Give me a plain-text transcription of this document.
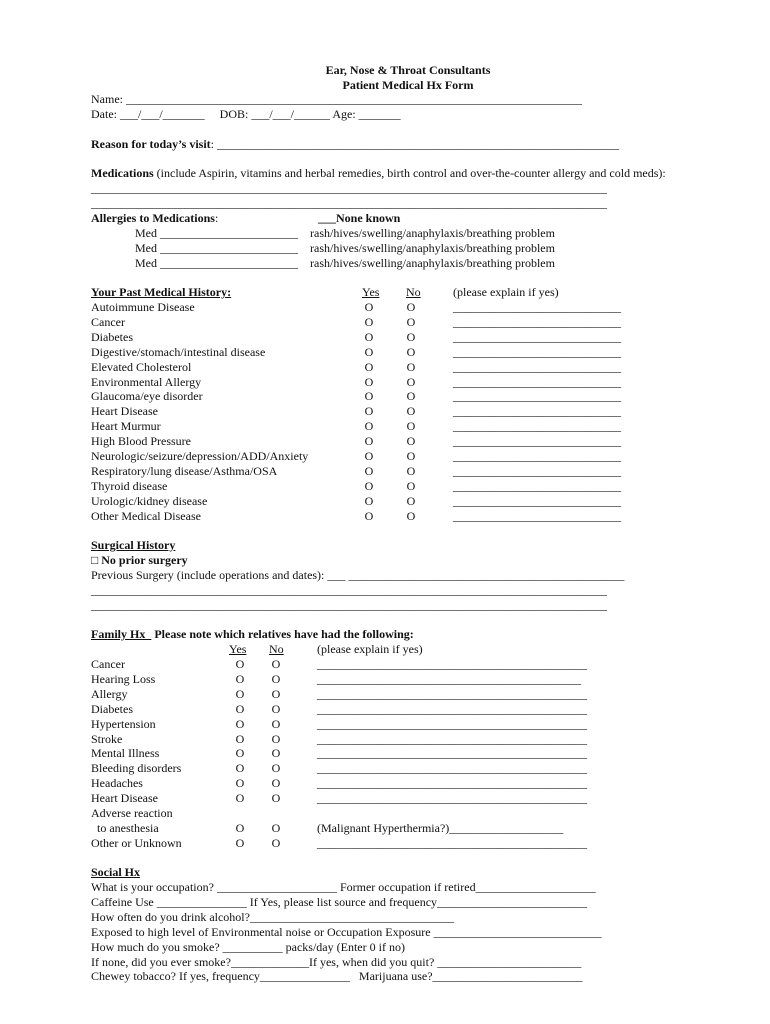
Ear, Nose & Throat Consultants
Patient Medical Hx Form
Name: ____________________________________________________________________________
Date: ___/___/_______     DOB: ___/___/______ Age: _______
Reason for today’s visit: ___________________________________________________________________
Medications (include Aspirin, vitamins and herbal remedies, birth control and over-the-counter allergy and cold meds):
______________________________________________________________________________________
______________________________________________________________________________________
Allergies to Medications:	___None known
Med _______________________ rash/hives/swelling/anaphylaxis/breathing problem
Med _______________________ rash/hives/swelling/anaphylaxis/breathing problem
Med _______________________ rash/hives/swelling/anaphylaxis/breathing problem
Your Past Medical History:	Yes No	(please explain if yes)
Autoimmune Disease	O	O	____________________________
Cancer	O	O	____________________________
Diabetes	O	O	____________________________
Digestive/stomach/intestinal disease	O	O	____________________________
Elevated Cholesterol	O	O	____________________________
Environmental Allergy	O	O	____________________________
Glaucoma/eye disorder	O	O	____________________________
Heart Disease	O	O	____________________________
Heart Murmur	O	O	____________________________
High Blood Pressure	O	O	____________________________
Neurologic/seizure/depression/ADD/Anxiety	O	O	____________________________
Respiratory/lung disease/Asthma/OSA	O	O	____________________________
Thyroid disease	O	O	____________________________
Urologic/kidney disease	O	O	____________________________
Other Medical Disease	O	O	____________________________
Surgical History
□ No prior surgery
Previous Surgery (include operations and dates): ___ ______________________________________________
______________________________________________________________________________________
______________________________________________________________________________________
Family Hx   Please note which relatives have had the following:
Yes No	(please explain if yes)
Cancer	O O	_____________________________________________
Hearing Loss	O O	____________________________________________
Allergy	O O	_____________________________________________
Diabetes	O O	_____________________________________________
Hypertension	O O	_____________________________________________
Stroke	O O	_____________________________________________
Mental Illness	O O	_____________________________________________
Bleeding disorders	O O	_____________________________________________
Headaches	O O	_____________________________________________
Heart Disease	O O	_____________________________________________
Adverse reaction
to anesthesia	O O	(Malignant Hyperthermia?)___________________
Other or Unknown	O O	_____________________________________________
Social Hx
What is your occupation? ____________________ Former occupation if retired____________________
Caffeine Use _______________ If Yes, please list source and frequency_________________________
How often do you drink alcohol?__________________________________
Exposed to high level of Environmental noise or Occupation Exposure ____________________________
How much do you smoke? __________ packs/day (Enter 0 if no)
If none, did you ever smoke?_____________If yes, when did you quit? ________________________
Chewey tobacco? If yes, frequency_______________   Marijuana use?_________________________
